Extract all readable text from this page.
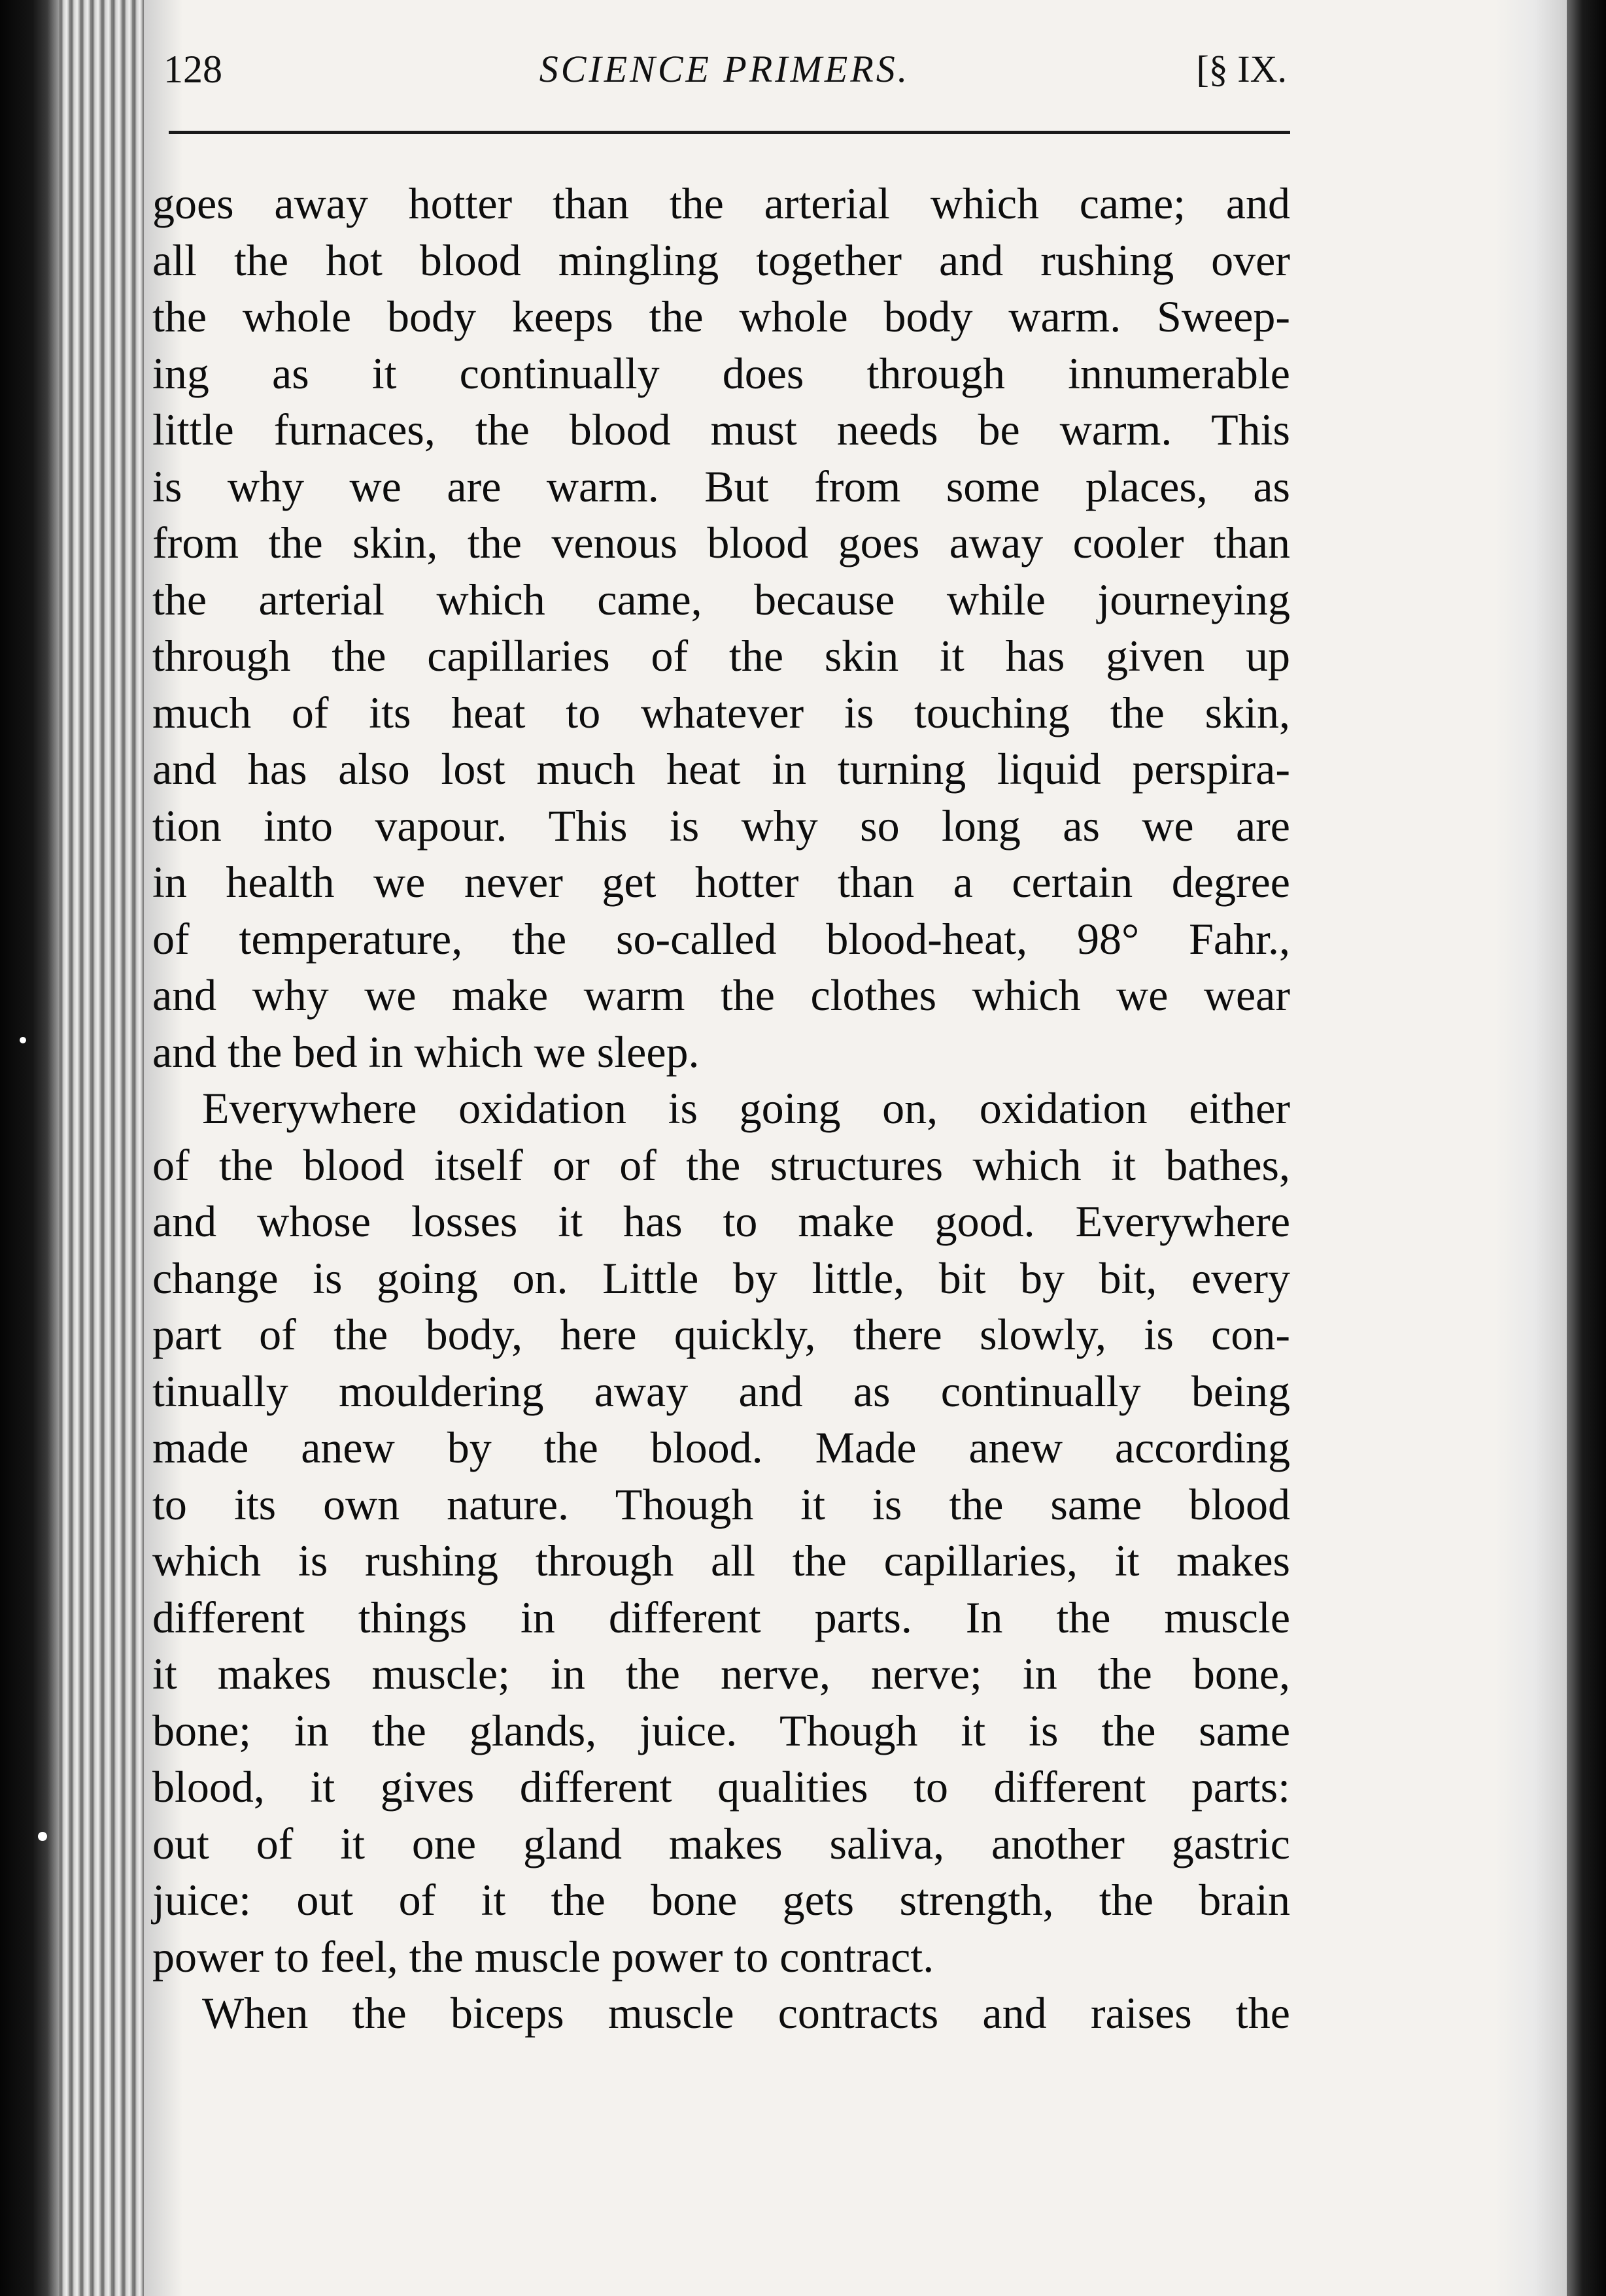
128	SCIENCE PRIMERS.	[§ IX.
goes away hotter than the arterial which came; and
all the hot blood mingling together and rushing over
the whole body keeps the whole body warm. Sweep-
ing as it continually does through innumerable
little furnaces, the blood must needs be warm. This
is why we are warm. But from some places, as
from the skin, the venous blood goes away cooler than
the arterial which came, because while journeying
through the capillaries of the skin it has given up
much of its heat to whatever is touching the skin,
and has also lost much heat in turning liquid perspira-
tion into vapour. This is why so long as we are
in health we never get hotter than a certain degree
of temperature, the so-called blood-heat, 98° Fahr.,
and why we make warm the clothes which we wear
and the bed in which we sleep.
Everywhere oxidation is going on, oxidation either
of the blood itself or of the structures which it bathes,
and whose losses it has to make good. Everywhere
change is going on. Little by little, bit by bit, every
part of the body, here quickly, there slowly, is con-
tinually mouldering away and as continually being
made anew by the blood. Made anew according
to its own nature. Though it is the same blood
which is rushing through all the capillaries, it makes
different things in different parts. In the muscle
it makes muscle; in the nerve, nerve; in the bone,
bone; in the glands, juice. Though it is the same
blood, it gives different qualities to different parts:
out of it one gland makes saliva, another gastric
juice: out of it the bone gets strength, the brain
power to feel, the muscle power to contract.
When the biceps muscle contracts and raises the
